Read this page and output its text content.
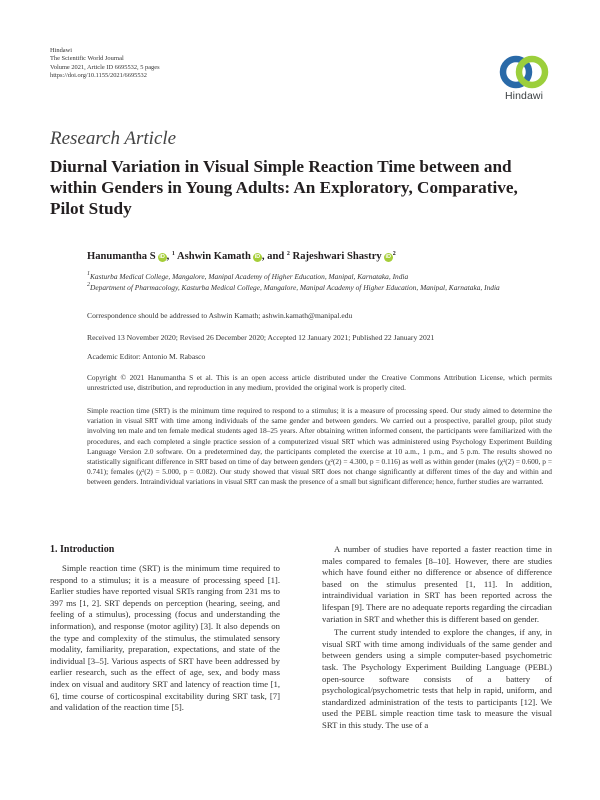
Hindawi
The Scientific World Journal
Volume 2021, Article ID 6695532, 5 pages
https://doi.org/10.1155/2021/6695532
Hindawi
Research Article
Diurnal Variation in Visual Simple Reaction Time between and within Genders in Young Adults: An Exploratory, Comparative, Pilot Study
Hanumantha S iD , $^1$ Ashwin Kamath iD , and $^2$ Rajeshwari Shastry iD $^2$
$^1$Kasturba Medical College, Mangalore, Manipal Academy of Higher Education, Manipal, Karnataka, India
$^2$Department of Pharmacology, Kasturba Medical College, Mangalore, Manipal Academy of Higher Education, Manipal, Karnataka, India
Correspondence should be addressed to Ashwin Kamath; ashwin.kamath@manipal.edu
Received 13 November 2020; Revised 26 December 2020; Accepted 12 January 2021; Published 22 January 2021
Academic Editor: Antonio M. Rabasco
Copyright © 2021 Hanumantha S et al. This is an open access article distributed under the Creative Commons Attribution License, which permits unrestricted use, distribution, and reproduction in any medium, provided the original work is properly cited.
Simple reaction time (SRT) is the minimum time required to respond to a stimulus; it is a measure of processing speed. Our study aimed to determine the variation in visual SRT with time among individuals of the same gender and between genders. We carried out a prospective, parallel group, pilot study involving ten male and ten female medical students aged 18–25 years. After obtaining written informed consent, the participants were familiarized with the procedures, and each completed a single practice session of a computerized visual SRT which was administered using Psychology Experiment Building Language Version 2.0 software. On a predetermined day, the participants completed the exercise at 10 a.m., 1 p.m., and 5 p.m. The results showed no statistically significant difference in SRT based on time of day between genders (χ²(2) = 4.300, p = 0.116) as well as within gender (males (χ²(2) = 0.600, p = 0.741); females (χ²(2) = 5.000, p = 0.082). Our study showed that visual SRT does not change significantly at different times of the day and within and between genders. Intraindividual variations in visual SRT can mask the presence of a small but significant difference; hence, further studies are warranted.
1. Introduction

Simple reaction time (SRT) is the minimum time required to respond to a stimulus; it is a measure of processing speed [1]. Earlier studies have reported visual SRTs ranging from 231 ms to 397 ms [1, 2]. SRT depends on perception (hearing, seeing, and feeling of a stimulus), processing (focus and understanding the information), and response (motor agility) [3]. It also depends on the type and complexity of the stimulus, the stimulated sensory modality, familiarity, preparation, expectations, and state of the individual [3–5]. Various aspects of SRT have been addressed by earlier research, such as the effect of age, sex, and body mass index on visual and auditory SRT and latency of reaction time [1, 6], time course of corticospinal excitability during SRT task, [7] and validation of the reaction time [5].

A number of studies have reported a faster reaction time in males compared to females [8–10]. However, there are studies which have found either no difference or absence of difference based on the stimulus presented [1, 11]. In addition, intraindividual variation in SRT has been reported across the lifespan [9]. There are no adequate reports regarding the circadian variation in SRT and whether this is different based on gender.

The current study intended to explore the changes, if any, in visual SRT with time among individuals of the same gender and between genders using a simple computer-based psychometric task. The Psychology Experiment Building Language (PEBL) open-source software consists of a battery of psychological/psychometric tests that help in rapid, uniform, and standardized administration of the tests to participants [12]. We used the PEBL simple reaction time task to measure the visual SRT in this study. The use of a
